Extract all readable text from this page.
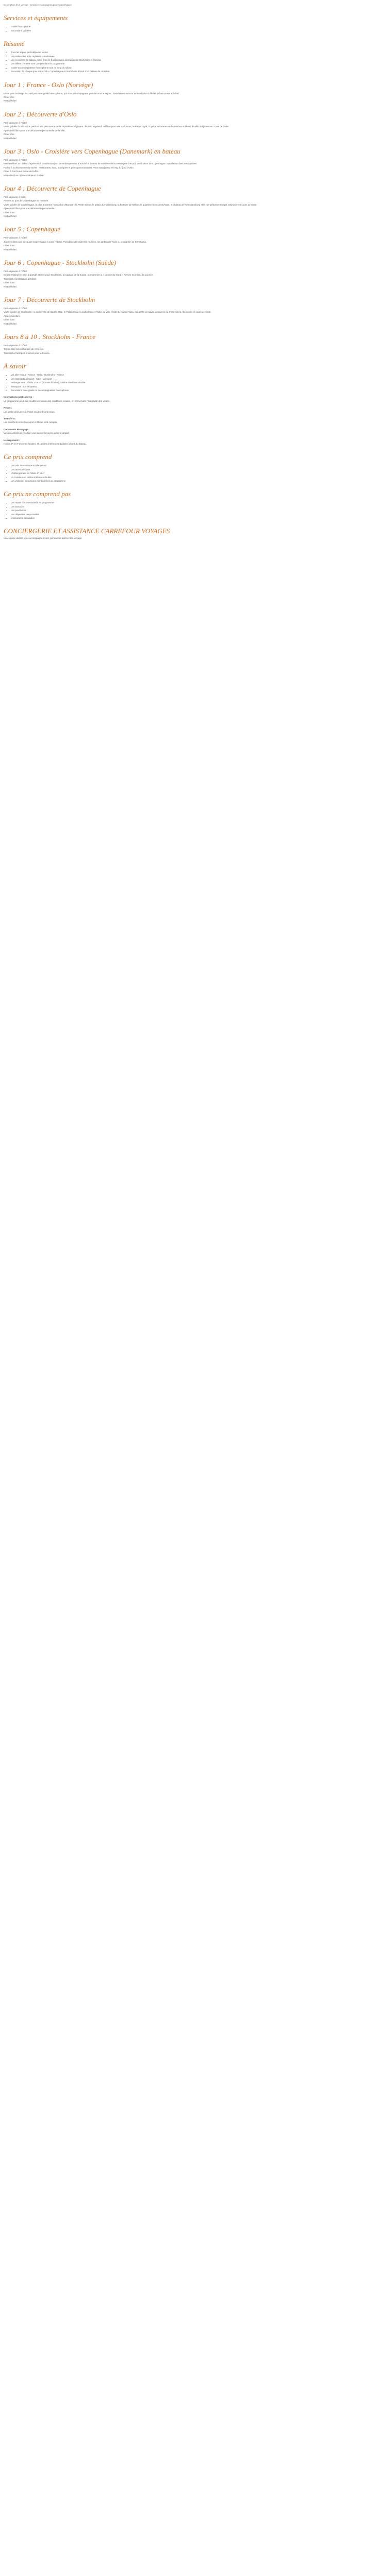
Description d'un voyage - Croisière compagnon pour Copenhague

Services et équipements
• Guide francophone
• Excursions guidées
Résumé
• Tous les repas, petit-déjeuner inclus
• Les visites des trois capitales scandinaves
• Les croisières de bateau entre Oslo et Copenhague ainsi qu'entre Stockholm et Helsinki
• Les billets d'entrée sont compris dans le programme
• Guide-accompagnateur francophone tout au long du séjour
• Excursion de chaque jour entre Oslo, Copenhague et Stockholm à bord d'un bateau de croisière
Jour 1 : France - Oslo (Norvège)
Envol pour Norvège. Accueil par votre guide francophone, qui vous accompagnera pendant tout le séjour. Transfert en autocar et installation à l'hôtel. Dîner et nuit à l'hôtel.
Dîner libre
Nuit à l'hôtel
Jour 2 : Découverte d'Oslo
Petit-déjeuner à l'hôtel.
Visite guidée d'Oslo. Vous partirez à la découverte de la capitale norvégienne : le parc Vigeland, célèbre pour ses sculptures, le Palais royal, l'Opéra, la forteresse d'Akershus et l'hôtel de ville. Déjeuner en cours de visite.
Après-midi libre pour une découverte personnelle de la ville.
Dîner libre
Nuit à l'hôtel
Jour 3 : Oslo - Croisière vers Copenhague (Danemark) en bateau
Petit-déjeuner à l'hôtel.
Matinée libre. En début d'après-midi, transfert au port et embarquement à bord d'un bateau de croisière de la compagnie DFDS à destination de Copenhague. Installation dans vos cabines.
Partez à la découverte du navire : restaurants, bars, boutiques et ponts panoramiques. Vous naviguerez le long du fjord d'Oslo.
Dîner à bord sous forme de buffet.
Nuit à bord en cabine intérieure double.
Jour 4 : Découverte de Copenhague
Petit-déjeuner à bord.
Arrivée au port de Copenhague en matinée.
Visite guidée de Copenhague, la plus ancienne monarchie d'Europe : la Petite Sirène, le palais d'Amalienborg, la fontaine de Gefion, le quartier coloré de Nyhavn, le château de Christiansborg et la rue piétonne Strøget. Déjeuner en cours de visite.
Après-midi libre pour une découverte personnelle.
Dîner libre.
Nuit à l'hôtel.
Jour 5 : Copenhague
Petit-déjeuner à l'hôtel.
Journée libre pour découvrir Copenhague à votre rythme. Possibilité de visiter les musées, les jardins de Tivoli ou le quartier de Christiania.
Dîner libre.
Nuit à l'hôtel.
Jour 6 : Copenhague - Stockholm (Suède)
Petit-déjeuner à l'hôtel.
Départ matinal en train à grande vitesse pour Stockholm, la capitale de la Suède, surnommée la « Venise du Nord ». Arrivée en milieu de journée.
Transfert et installation à l'hôtel.
Dîner libre.
Nuit à l'hôtel.
Jour 7 : Découverte de Stockholm
Petit-déjeuner à l'hôtel.
Visite guidée de Stockholm : la vieille ville de Gamla Stan, le Palais royal, la cathédrale et l'hôtel de ville. Visite du musée Vasa, qui abrite un navire de guerre du XVIIe siècle. Déjeuner en cours de visite.
Après-midi libre.
Dîner libre.
Nuit à l'hôtel.
Jours 8 à 10 : Stockholm - France
Petit-déjeuner à l'hôtel.
Temps libre selon l'horaire de votre vol.
Transfert à l'aéroport et envol pour la France.
À savoir
• Vol aller-retour : France - Oslo / Stockholm - France
• Les transferts aéroport - hôtel - aéroport
• Hébergement : hôtels 3* et 4* (normes locales), cabine intérieure double
• Transport : bus et bateau
• Excursions avec guide ou accompagnateur francophone
Informations particulières :
Le programme peut être modifié en raison des conditions locales, en conservant l'intégralité des visites.
Repas :
Les petits-déjeuners à l'hôtel et à bord sont inclus.
Transferts :
Les transferts entre l'aéroport et l'hôtel sont compris.
Documents de voyage :
Vos documents de voyage vous seront envoyés avant le départ.
Hébergement :
Hôtels 3* et 4* (normes locales) et cabines intérieures doubles à bord du bateau.
Ce prix comprend
• Les vols internationaux aller-retour
• Les taxes aéroport
• L'hébergement en hôtels 3* et 4*
• La croisière en cabine intérieure double
• Les visites et excursions mentionnées au programme
Ce prix ne comprend pas
• Les repas non mentionnés au programme
• Les boissons
• Les pourboires
• Les dépenses personnelles
• L'assurance annulation
CONCIERGERIE ET ASSISTANCE CARREFOUR VOYAGES

Une équipe dédiée vous accompagne avant, pendant et après votre voyage.
